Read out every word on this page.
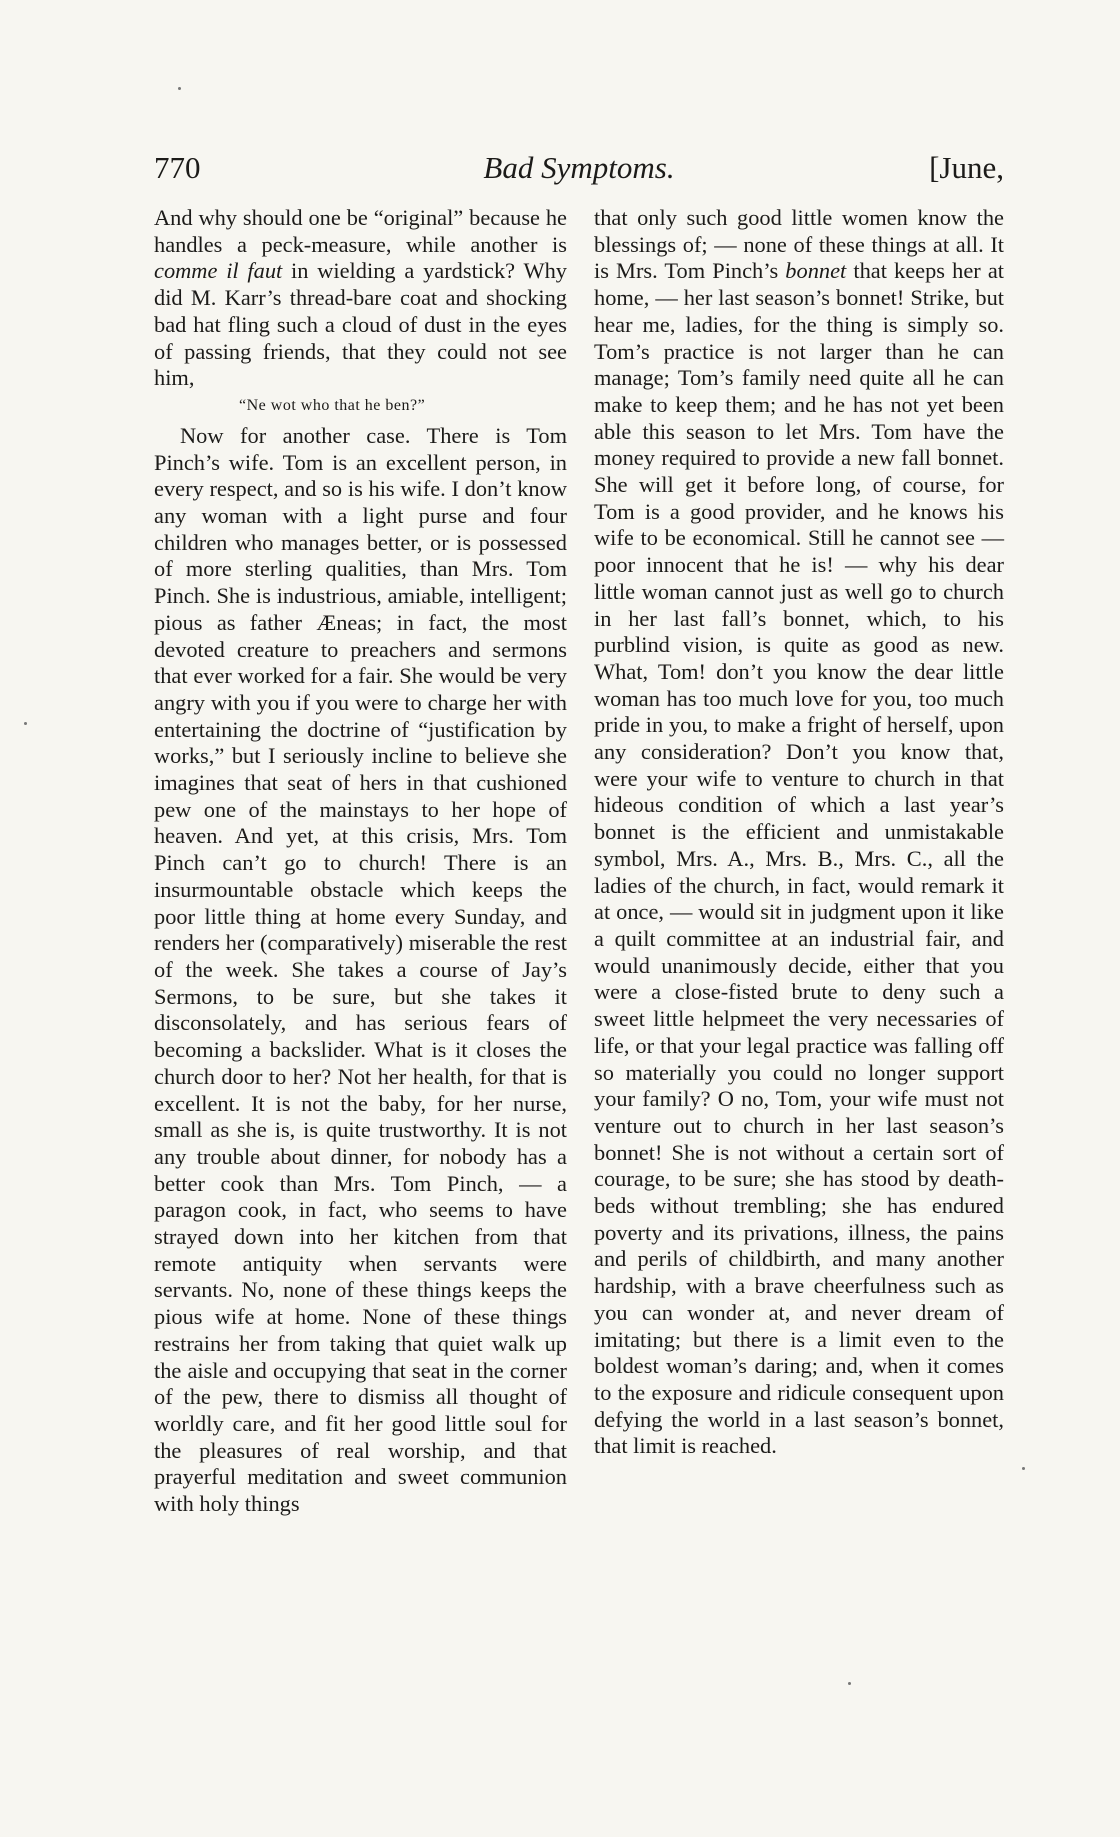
770	Bad Symptoms.	[June,

And why should one be “original” because he handles a peck-measure, while another is comme il faut in wielding a yardstick? Why did M. Karr’s thread-bare coat and shocking bad hat fling such a cloud of dust in the eyes of passing friends, that they could not see him,

“Ne wot who that he ben?”

Now for another case. There is Tom Pinch’s wife. Tom is an excellent person, in every respect, and so is his wife. I don’t know any woman with a light purse and four children who manages better, or is possessed of more sterling qualities, than Mrs. Tom Pinch. She is industrious, amiable, intelligent; pious as father Æneas; in fact, the most devoted creature to preachers and sermons that ever worked for a fair. She would be very angry with you if you were to charge her with entertaining the doctrine of “justification by works,” but I seriously incline to believe she imagines that seat of hers in that cushioned pew one of the mainstays to her hope of heaven. And yet, at this crisis, Mrs. Tom Pinch can’t go to church! There is an insurmountable obstacle which keeps the poor little thing at home every Sunday, and renders her (comparatively) miserable the rest of the week. She takes a course of Jay’s Sermons, to be sure, but she takes it disconsolately, and has serious fears of becoming a backslider. What is it closes the church door to her? Not her health, for that is excellent. It is not the baby, for her nurse, small as she is, is quite trustworthy. It is not any trouble about dinner, for nobody has a better cook than Mrs. Tom Pinch, — a paragon cook, in fact, who seems to have strayed down into her kitchen from that remote antiquity when servants were servants. No, none of these things keeps the pious wife at home. None of these things restrains her from taking that quiet walk up the aisle and occupying that seat in the corner of the pew, there to dismiss all thought of worldly care, and fit her good little soul for the pleasures of real worship, and that prayerful meditation and sweet communion with holy things

that only such good little women know the blessings of; — none of these things at all. It is Mrs. Tom Pinch’s bonnet that keeps her at home, — her last season’s bonnet! Strike, but hear me, ladies, for the thing is simply so. Tom’s practice is not larger than he can manage; Tom’s family need quite all he can make to keep them; and he has not yet been able this season to let Mrs. Tom have the money required to provide a new fall bonnet. She will get it before long, of course, for Tom is a good provider, and he knows his wife to be economical. Still he cannot see — poor innocent that he is! — why his dear little woman cannot just as well go to church in her last fall’s bonnet, which, to his purblind vision, is quite as good as new. What, Tom! don’t you know the dear little woman has too much love for you, too much pride in you, to make a fright of herself, upon any consideration? Don’t you know that, were your wife to venture to church in that hideous condition of which a last year’s bonnet is the efficient and unmistakable symbol, Mrs. A., Mrs. B., Mrs. C., all the ladies of the church, in fact, would remark it at once, — would sit in judgment upon it like a quilt committee at an industrial fair, and would unanimously decide, either that you were a close-fisted brute to deny such a sweet little helpmeet the very necessaries of life, or that your legal practice was falling off so materially you could no longer support your family? O no, Tom, your wife must not venture out to church in her last season’s bonnet! She is not without a certain sort of courage, to be sure; she has stood by death-beds without trembling; she has endured poverty and its privations, illness, the pains and perils of childbirth, and many another hardship, with a brave cheerfulness such as you can wonder at, and never dream of imitating; but there is a limit even to the boldest woman’s daring; and, when it comes to the exposure and ridicule consequent upon defying the world in a last season’s bonnet, that limit is reached.
